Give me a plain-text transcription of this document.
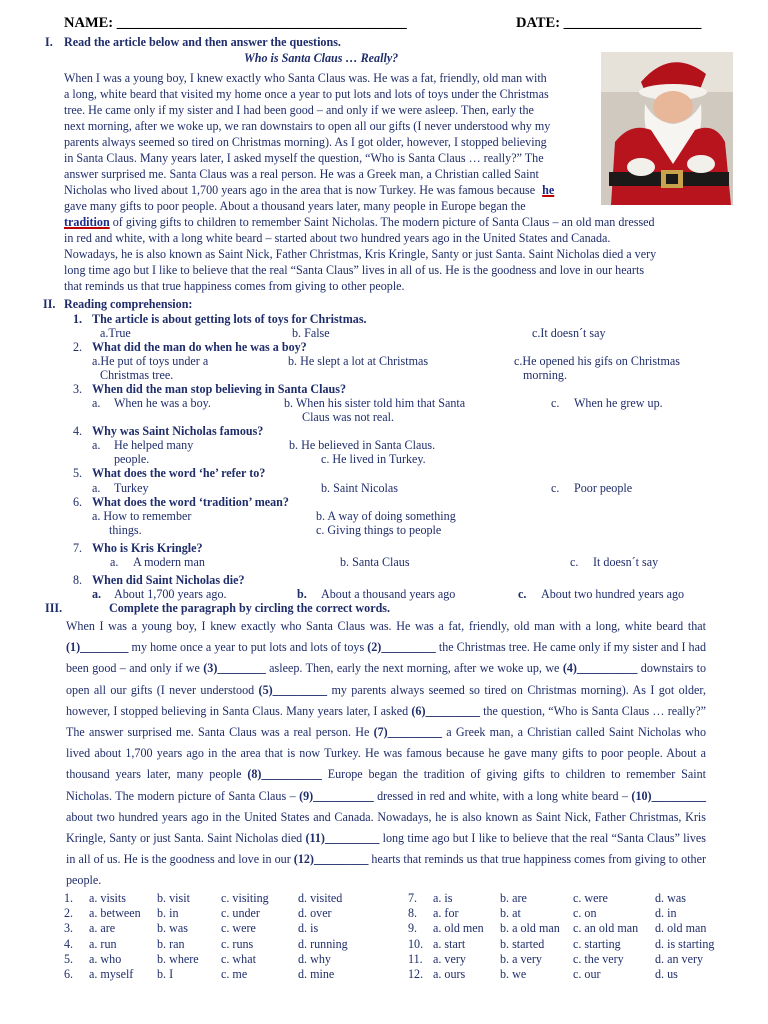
NAME: ________________________________________	DATE: ___________________
I. Read the article below and then answer the questions.
Who is Santa Claus … Really?
When I was a young boy, I knew exactly who Santa Claus was. He was a fat, friendly, old man with
a long, white beard that visited my home once a year to put lots and lots of toys under the Christmas
tree. He came only if my sister and I had been good – and only if we were asleep. Then, early the
next morning, after we woke up, we ran downstairs to open all our gifts (I never understood why my
parents always seemed so tired on Christmas morning). As I got older, however, I stopped believing
in Santa Claus. Many years later, I asked myself the question, “Who is Santa Claus … really?” The
answer surprised me. Santa Claus was a real person. He was a Greek man, a Christian called Saint
Nicholas who lived about 1,700 years ago in the area that is now Turkey. He was famous because he
gave many gifts to poor people. About a thousand years later, many people in Europe began the
tradition of giving gifts to children to remember Saint Nicholas. The modern picture of Santa Claus – an old man dressed
in red and white, with a long white beard – started about two hundred years ago in the United States and Canada.
Nowadays, he is also known as Saint Nick, Father Christmas, Kris Kringle, Santy or just Santa. Saint Nicholas died a very
long time ago but I like to believe that the real “Santa Claus” lives in all of us. He is the goodness and love in our hearts
that reminds us that true happiness comes from giving to other people.
II. Reading comprehension:
1. The article is about getting lots of toys for Christmas.
a.True	b. False	c.It doesn´t say
2. What did the man do when he was a boy?
a.He put of toys under a
Christmas tree.
b. He slept a lot at Christmas	c.He opened his gifs on Christmas
morning.
3. When did the man stop believing in Santa Claus?
a. When he was a boy.	b. When his sister told him that Santa
Claus was not real.
c. When he grew up.
4. Why was Saint Nicholas famous?
a. He helped many
people.
b. He believed in Santa Claus.
c. He lived in Turkey.
5. What does the word ‘he’ refer to?
a. Turkey	b. Saint Nicolas	c. Poor people
6. What does the word ‘tradition’ mean?
a. How to remember
things.
b. A way of doing something
c. Giving things to people
7. Who is Kris Kringle?
a. A modern man	b. Santa Claus	c. It doesn´t say
8. When did Saint Nicholas die?
a. About 1,700 years ago.	b. About a thousand years ago	c. About two hundred years ago
III.	Complete the paragraph by circling the correct words.
When I was a young boy, I knew exactly who Santa Claus was. He was a fat, friendly, old man with a long, white beard that (1)________ my home once a year to put lots and lots of toys (2)_________ the Christmas tree. He came only if my sister and I had been good – and only if we (3)________ asleep. Then, early the next morning, after we woke up, we (4)__________ downstairs to open all our gifts (I never understood (5)_________ my parents always seemed so tired on Christmas morning). As I got older, however, I stopped believing in Santa Claus. Many years later, I asked (6)_________ the question, “Who is Santa Claus … really?” The answer surprised me. Santa Claus was a real person. He (7)_________ a Greek man, a Christian called Saint Nicholas who lived about 1,700 years ago in the area that is now Turkey. He was famous because he gave many gifts to poor people. About a thousand years later, many people (8)__________ Europe began the tradition of giving gifts to children to remember Saint Nicholas. The modern picture of Santa Claus – (9)__________ dressed in red and white, with a long white beard – (10)_________ about two hundred years ago in the United States and Canada. Nowadays, he is also known as Saint Nick, Father Christmas, Kris Kringle, Santy or just Santa. Saint Nicholas died (11)_________ long time ago but I like to believe that the real “Santa Claus” lives in all of us. He is the goodness and love in our (12)_________ hearts that reminds us that true happiness comes from giving to other people.
1. a. visits	b. visit	c. visiting d. visited
2. a. between b. in	c. under	d. over
3. a. are	b. was	c. were	d. is
4. a. run	b. ran	c. runs	d. running
5. a. who	b. where c. what	d. why
6. a. myself b. I	c. me	d. mine
7. a. is	b. are	c. were	d. was
8. a. for	b. at	c. on	d. in
9. a. old men b. a old man c. an old man d. old man
10. a. start	b. started c. starting	d. is starting
11. a. very	b. a very	c. the very	d. an very
12. a. ours	b. we	c. our	d. us
